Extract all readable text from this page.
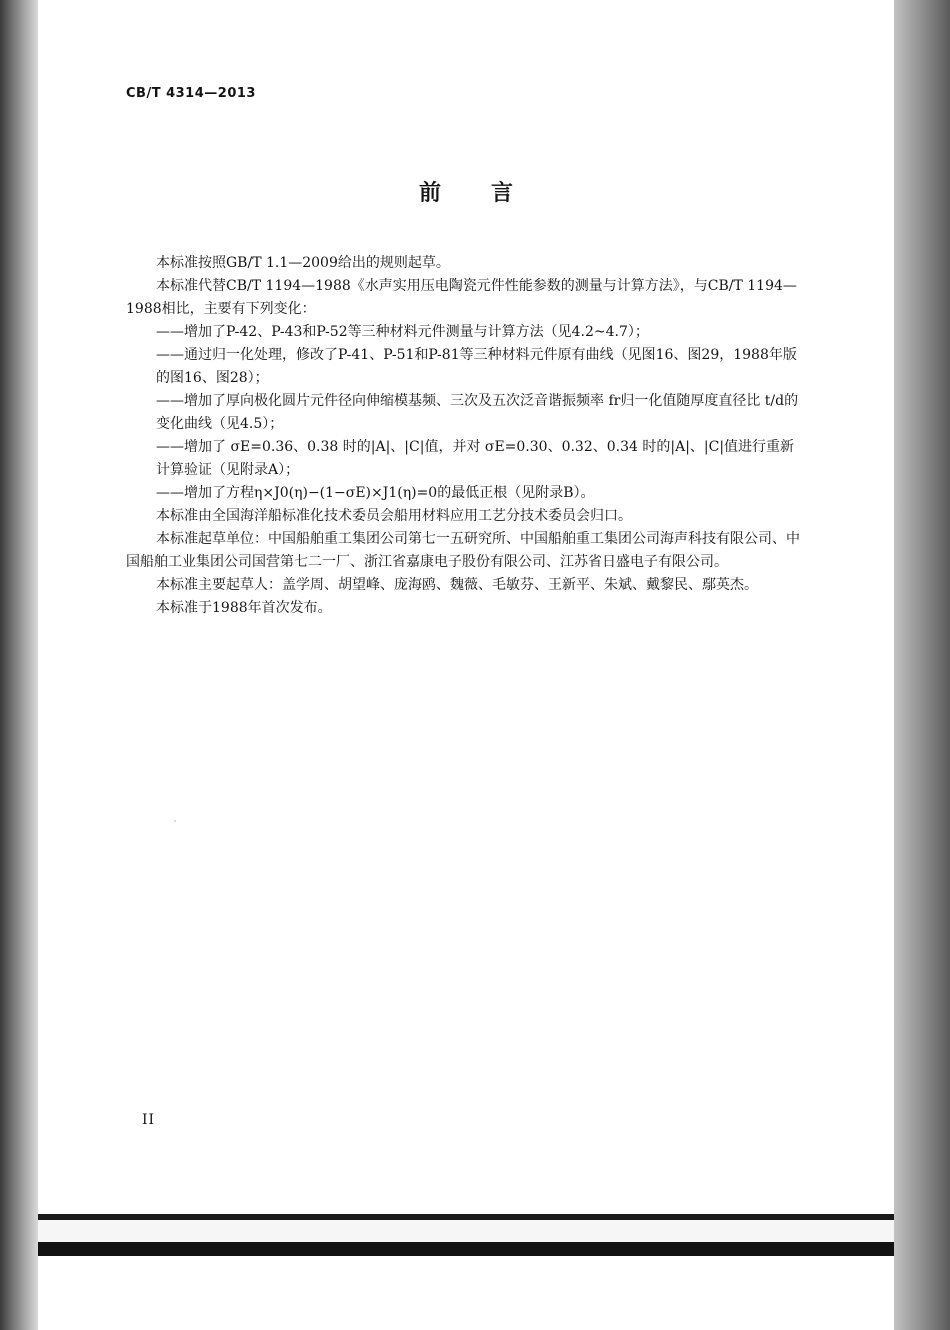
CB/T 4314—2013
前言

本标准按照GB/T 1.1—2009给出的规则起草。

本标准代替CB/T 1194—1988《水声实用压电陶瓷元件性能参数的测量与计算方法》，与CB/T 1194—1988相比，主要有下列变化：

——增加了P-42、P-43和P-52等三种材料元件测量与计算方法（见4.2~4.7）；

——通过归一化处理，修改了P-41、P-51和P-81等三种材料元件原有曲线（见图16、图29，1988年版的图16、图28）；

——增加了厚向极化圆片元件径向伸缩模基频、三次及五次泛音谐振频率 fr归一化值随厚度直径比 t/d的变化曲线（见4.5）；

——增加了 σE=0.36、0.38 时的|A|、|C|值，并对 σE=0.30、0.32、0.34 时的|A|、|C|值进行重新计算验证（见附录A）；

——增加了方程η×J0(η)−(1−σE)×J1(η)=0的最低正根（见附录B）。

本标准由全国海洋船标准化技术委员会船用材料应用工艺分技术委员会归口。

本标准起草单位：中国船舶重工集团公司第七一五研究所、中国船舶重工集团公司海声科技有限公司、中国船舶工业集团公司国营第七二一厂、浙江省嘉康电子股份有限公司、江苏省日盛电子有限公司。

本标准主要起草人：盖学周、胡望峰、庞海鸥、魏薇、毛敏芬、王新平、朱斌、戴黎民、鄢英杰。

本标准于1988年首次发布。

II
